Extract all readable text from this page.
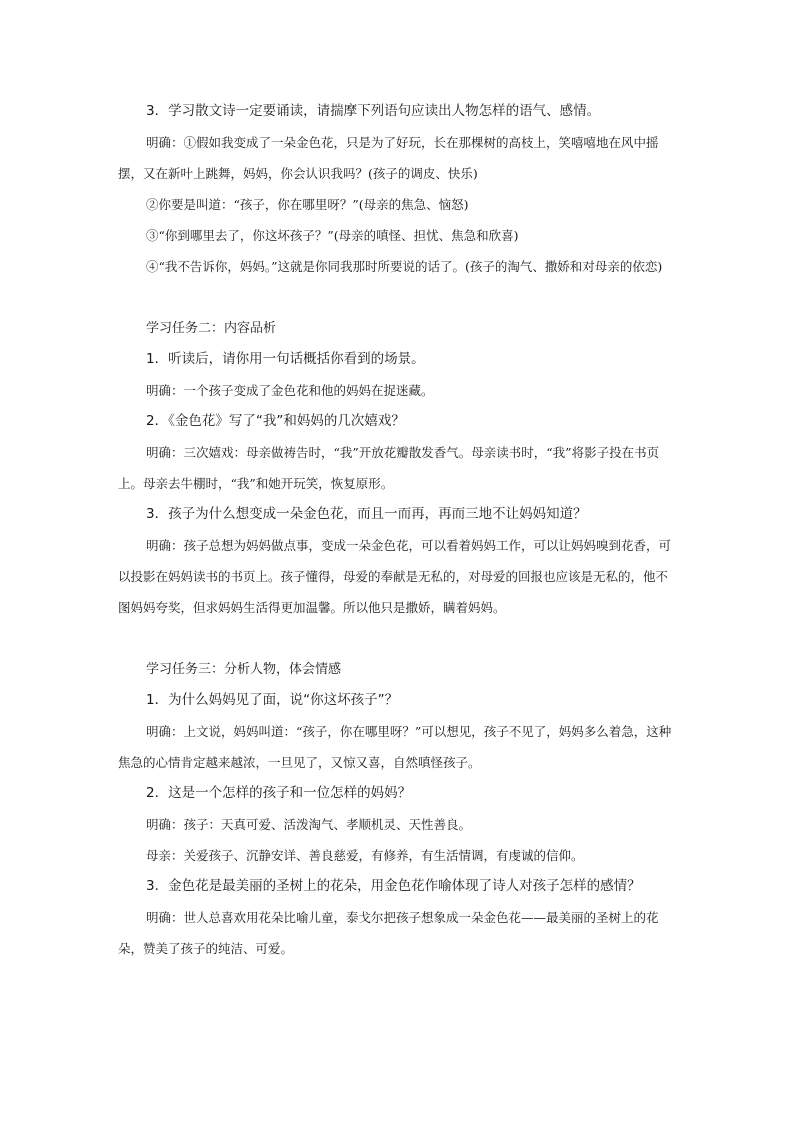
3．学习散文诗一定要诵读，请揣摩下列语句应读出人物怎样的语气、感情。

明确：①假如我变成了一朵金色花，只是为了好玩，长在那棵树的高枝上，笑嘻嘻地在风中摇摆，又在新叶上跳舞，妈妈，你会认识我吗？(孩子的调皮、快乐)

②你要是叫道：“孩子，你在哪里呀？”(母亲的焦急、恼怒)

③“你到哪里去了，你这坏孩子？”(母亲的嗔怪、担忧、焦急和欣喜)

④“我不告诉你，妈妈。”这就是你同我那时所要说的话了。(孩子的淘气、撒娇和对母亲的依恋)

学习任务二：内容品析

1．听读后，请你用一句话概括你看到的场景。

明确：一个孩子变成了金色花和他的妈妈在捉迷藏。

2．《金色花》写了“我”和妈妈的几次嬉戏？

明确：三次嬉戏：母亲做祷告时，“我”开放花瓣散发香气。母亲读书时，“我”将影子投在书页上。母亲去牛棚时，“我”和她开玩笑，恢复原形。

3．孩子为什么想变成一朵金色花，而且一而再，再而三地不让妈妈知道？

明确：孩子总想为妈妈做点事，变成一朵金色花，可以看着妈妈工作，可以让妈妈嗅到花香，可以投影在妈妈读书的书页上。孩子懂得，母爱的奉献是无私的，对母爱的回报也应该是无私的，他不图妈妈夸奖，但求妈妈生活得更加温馨。所以他只是撒娇，瞒着妈妈。

学习任务三：分析人物，体会情感

1．为什么妈妈见了面，说“你这坏孩子”？

明确：上文说，妈妈叫道：“孩子，你在哪里呀？”可以想见，孩子不见了，妈妈多么着急，这种焦急的心情肯定越来越浓，一旦见了，又惊又喜，自然嗔怪孩子。

2．这是一个怎样的孩子和一位怎样的妈妈？

明确：孩子：天真可爱、活泼淘气、孝顺机灵、天性善良。

母亲：关爱孩子、沉静安详、善良慈爱，有修养，有生活情调，有虔诚的信仰。

3．金色花是最美丽的圣树上的花朵，用金色花作喻体现了诗人对孩子怎样的感情？

明确：世人总喜欢用花朵比喻儿童，泰戈尔把孩子想象成一朵金色花——最美丽的圣树上的花朵，赞美了孩子的纯洁、可爱。
